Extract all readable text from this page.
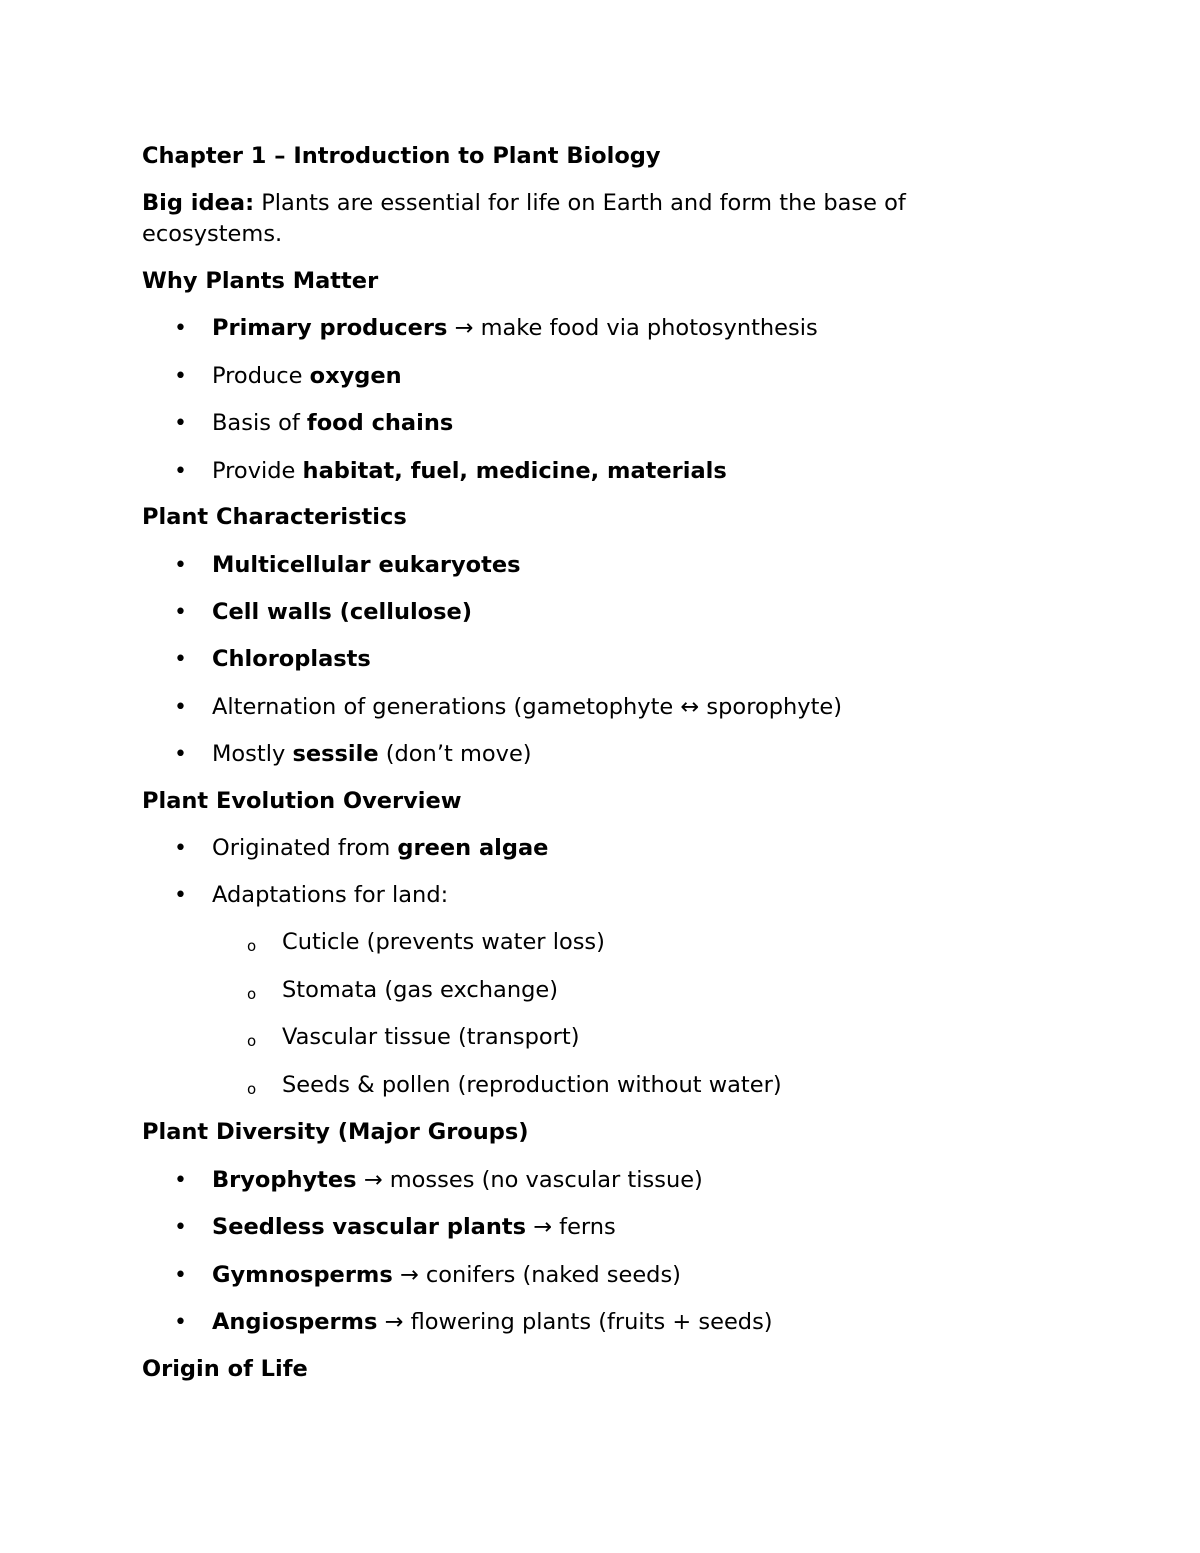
Chapter 1 – Introduction to Plant Biology
Big idea: Plants are essential for life on Earth and form the base of
ecosystems.
Why Plants Matter
• Primary producers → make food via photosynthesis
• Produce oxygen
• Basis of food chains
• Provide habitat, fuel, medicine, materials
Plant Characteristics
• Multicellular eukaryotes
• Cell walls (cellulose)
• Chloroplasts
• Alternation of generations (gametophyte ↔ sporophyte)
• Mostly sessile (don’t move)
Plant Evolution Overview
• Originated from green algae
• Adaptations for land:
o Cuticle (prevents water loss)
o Stomata (gas exchange)
o Vascular tissue (transport)
o Seeds & pollen (reproduction without water)
Plant Diversity (Major Groups)
• Bryophytes → mosses (no vascular tissue)
• Seedless vascular plants → ferns
• Gymnosperms → conifers (naked seeds)
• Angiosperms → flowering plants (fruits + seeds)
Origin of Life
